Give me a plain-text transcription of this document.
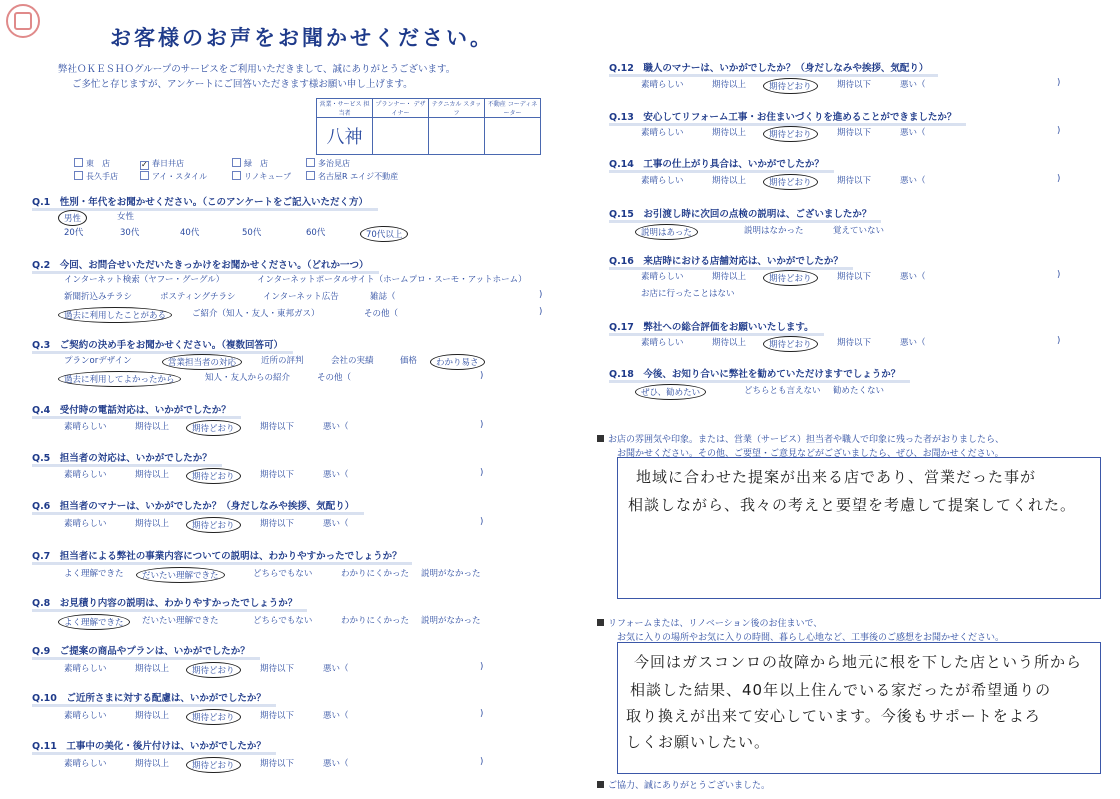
お客様のお声をお聞かせください。
弊社ＯＫＥＳＨＯグループのサービスをご利用いただきまして、誠にありがとうございます。
ご多忙と存じますが、アンケートにご回答いただきます様お願い申し上げます。
営業・サービス 担当者	プランナー・ デザイナー	テクニカル スタッフ	不動産 コーディネーター
八神			
東　店	✓ 春日井店	緑　店	多治見店
長久手店	アイ・スタイル	リノキューブ	名古屋R エイジ不動産
Q.1　性別・年代をお聞かせください。（このアンケートをご記入いただく方）
男性	女性
20代	30代	40代	50代	60代	70代以上
Q.2　今回、お問合せいただいたきっかけをお聞かせください。（どれか一つ）
インターネット検索（ヤフー・グーグル）	インターネットポータルサイト（ホームプロ・スーモ・アットホーム）
新聞折込みチラシ	ポスティングチラシ	インターネット広告	雑誌（	)
過去に利用したことがある	ご紹介（知人・友人・東邦ガス）	その他（	)
Q.3　ご契約の決め手をお聞かせください。（複数回答可）
プランorデザイン	営業担当者の対応	近所の評判	会社の実績	価格	わかり易さ
過去に利用してよかったから	知人・友人からの紹介	その他（	)
Q.4　受付時の電話対応は、いかがでしたか？
素晴らしい	期待以上	期待どおり	期待以下	悪い（	)
Q.5　担当者の対応は、いかがでしたか？
素晴らしい	期待以上	期待どおり	期待以下	悪い（	)
Q.6　担当者のマナーは、いかがでしたか？（身だしなみや挨拶、気配り）
素晴らしい	期待以上	期待どおり	期待以下	悪い（	)
Q.7　担当者による弊社の事業内容についての説明は、わかりやすかったでしょうか？
よく理解できた	だいたい理解できた	どちらでもない	わかりにくかった 説明がなかった
Q.8　お見積り内容の説明は、わかりやすかったでしょうか？
よく理解できた	だいたい理解できた	どちらでもない	わかりにくかった 説明がなかった
Q.9　ご提案の商品やプランは、いかがでしたか？
素晴らしい	期待以上	期待どおり	期待以下	悪い（	)
Q.10　ご近所さまに対する配慮は、いかがでしたか？
素晴らしい	期待以上	期待どおり	期待以下	悪い（	)
Q.11　工事中の美化・後片付けは、いかがでしたか？
素晴らしい	期待以上	期待どおり	期待以下	悪い（	)
Q.12　職人のマナーは、いかがでしたか？（身だしなみや挨拶、気配り）
素晴らしい	期待以上	期待どおり	期待以下	悪い（	)
Q.13　安心してリフォーム工事・お住まいづくりを進めることができましたか？
素晴らしい	期待以上	期待どおり	期待以下	悪い（	)
Q.14　工事の仕上がり具合は、いかがでしたか？
素晴らしい	期待以上	期待どおり	期待以下	悪い（	)
Q.15　お引渡し時に次回の点検の説明は、ございましたか？
説明はあった	説明はなかった	覚えていない
Q.16　来店時における店舗対応は、いかがでしたか？
素晴らしい	期待以上	期待どおり	期待以下	悪い（	)
お店に行ったことはない
Q.17　弊社への総合評価をお願いいたします。
素晴らしい	期待以上	期待どおり	期待以下	悪い（	)
Q.18　今後、お知り合いに弊社を勧めていただけますでしょうか？
ぜひ、勧めたい	どちらとも言えない 勧めたくない
お店の雰囲気や印象。または、営業（サービス）担当者や職人で印象に残った者がおりましたら、
お聞かせください。その他、ご要望・ご意見などがございましたら、ぜひ、お聞かせください。
地域に合わせた提案が出来る店であり、営業だった事が
相談しながら、我々の考えと要望を考慮して提案してくれた。
リフォームまたは、リノベーション後のお住まいで、
お気に入りの場所やお気に入りの時間、暮らし心地など、工事後のご感想をお聞かせください。
今回はガスコンロの故障から地元に根を下した店という所から
相談した結果、40年以上住んでいる家だったが希望通りの
取り換えが出来て安心しています。今後もサポートをよろ
しくお願いしたい。
ご協力、誠にありがとうございました。
